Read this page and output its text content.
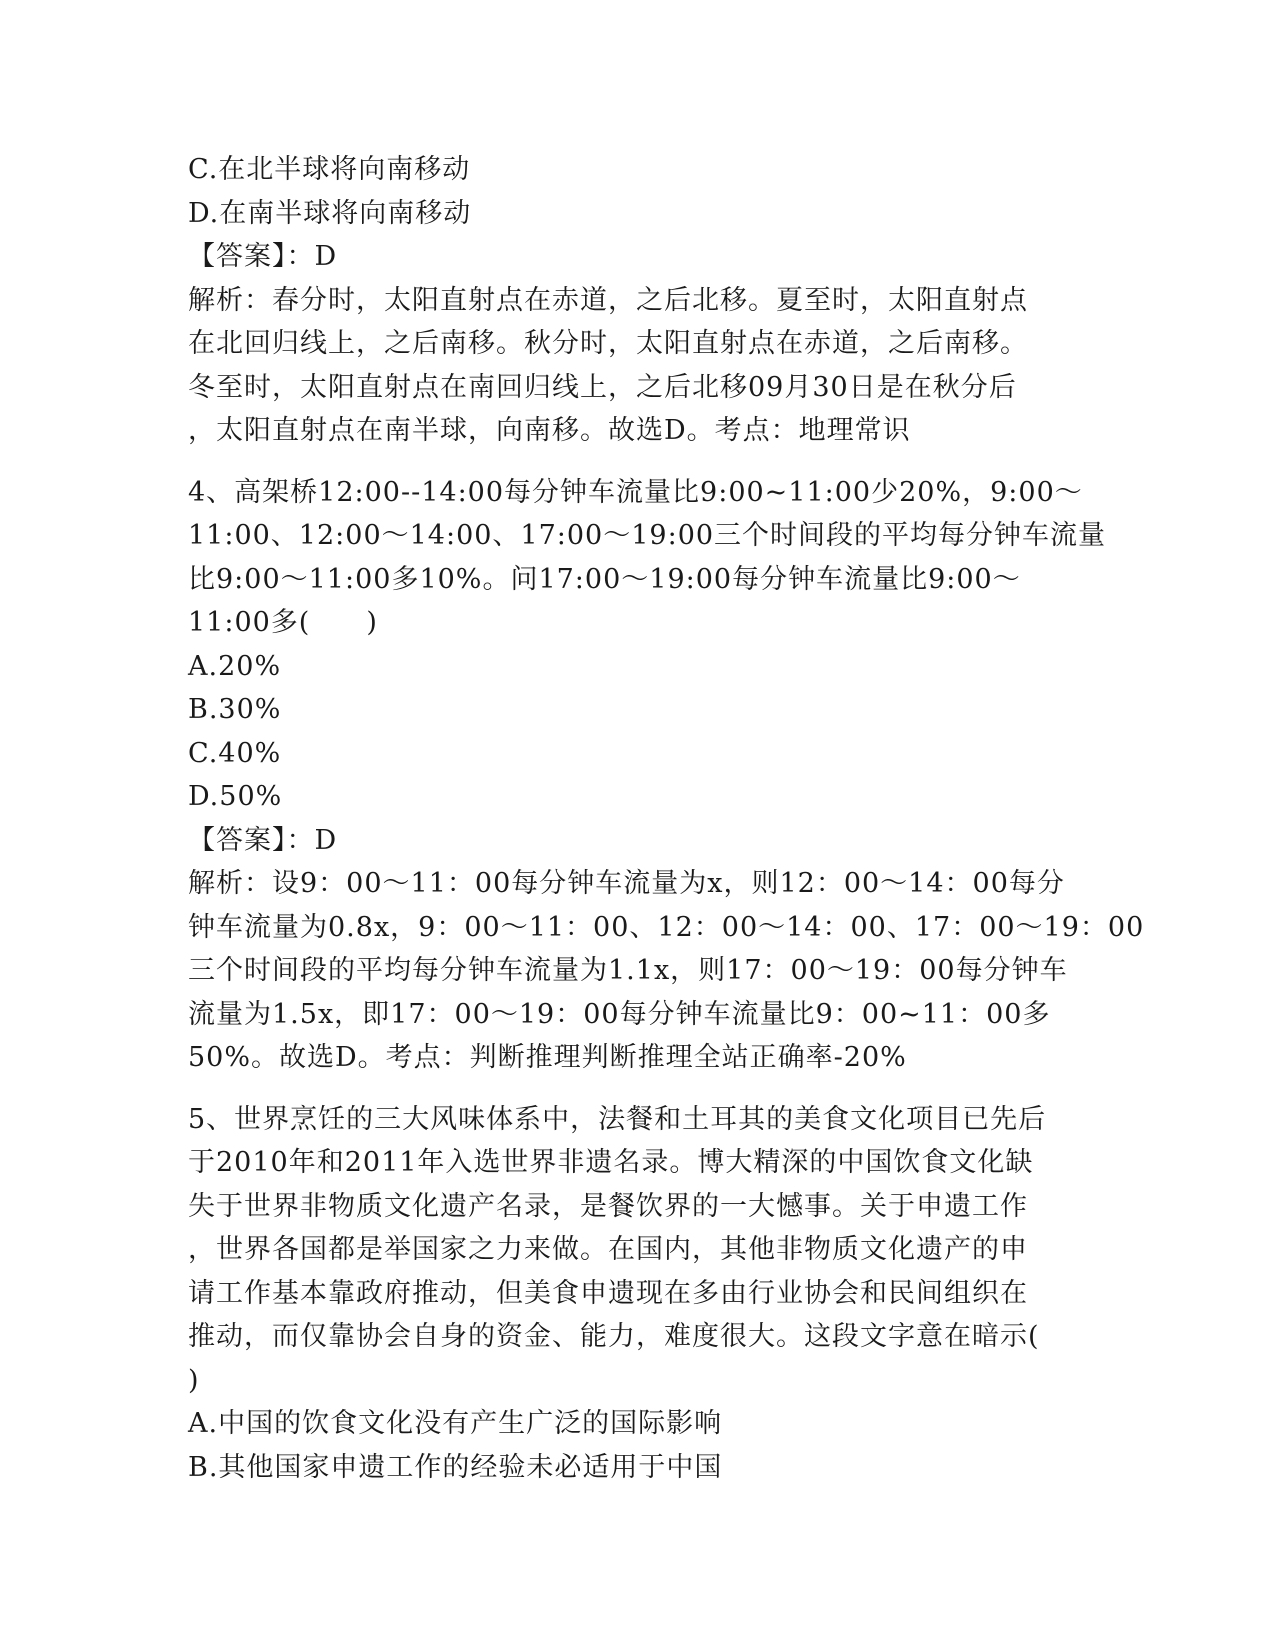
C.在北半球将向南移动
D.在南半球将向南移动
【答案】：D
解析：春分时，太阳直射点在赤道，之后北移。夏至时，太阳直射点
在北回归线上，之后南移。秋分时，太阳直射点在赤道，之后南移。
冬至时，太阳直射点在南回归线上，之后北移09月30日是在秋分后
，太阳直射点在南半球，向南移。故选D。考点：地理常识
4、高架桥12:00--14:00每分钟车流量比9:00~11:00少20%，9:00～
11:00、12:00～14:00、17:00～19:00三个时间段的平均每分钟车流量
比9:00～11:00多10%。问17:00～19:00每分钟车流量比9:00～
11:00多(　　)
A.20%
B.30%
C.40%
D.50%
【答案】：D
解析：设9：00～11：00每分钟车流量为x，则12：00～14：00每分
钟车流量为0.8x，9：00～11：00、12：00～14：00、17：00～19：00
三个时间段的平均每分钟车流量为1.1x，则17：00～19：00每分钟车
流量为1.5x，即17：00～19：00每分钟车流量比9：00~11：00多
50%。故选D。考点：判断推理判断推理全站正确率-20%
5、世界烹饪的三大风味体系中，法餐和土耳其的美食文化项目已先后
于2010年和2011年入选世界非遗名录。博大精深的中国饮食文化缺
失于世界非物质文化遗产名录，是餐饮界的一大憾事。关于申遗工作
，世界各国都是举国家之力来做。在国内，其他非物质文化遗产的申
请工作基本靠政府推动，但美食申遗现在多由行业协会和民间组织在
推动，而仅靠协会自身的资金、能力，难度很大。这段文字意在暗示(
)
A.中国的饮食文化没有产生广泛的国际影响
B.其他国家申遗工作的经验未必适用于中国
